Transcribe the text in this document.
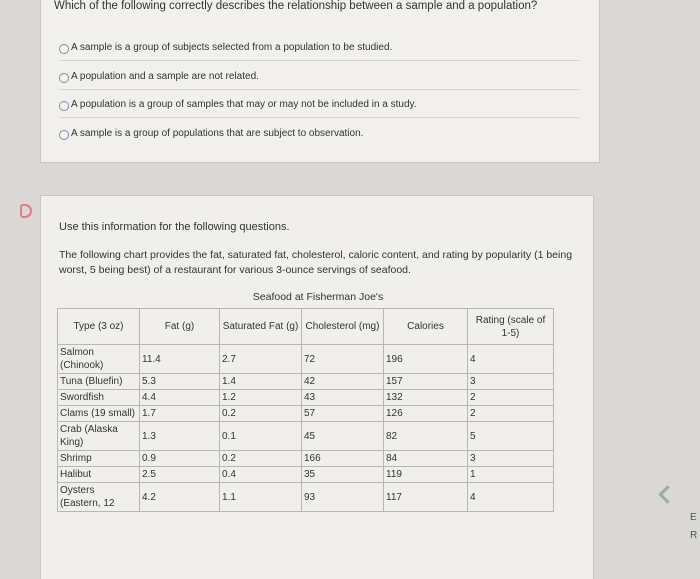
Which of the following correctly describes the relationship between a sample and a population?
A sample is a group of subjects selected from a population to be studied.
A population and a sample are not related.
A population is a group of samples that may or may not be included in a study.
A sample is a group of populations that are subject to observation.
Use this information for the following questions.
The following chart provides the fat, saturated fat, cholesterol, caloric content, and rating by popularity (1 being worst, 5 being best) of a restaurant for various 3-ounce servings of seafood.
Seafood at Fisherman Joe's
Type (3 oz)	Fat (g)	Saturated Fat (g)	Cholesterol (mg)	Calories	Rating (scale of 1-5)
Salmon (Chinook)	11.4	2.7	72	196	4
Tuna (Bluefin)	5.3	1.4	42	157	3
Swordfish	4.4	1.2	43	132	2
Clams (19 small)	1.7	0.2	57	126	2
Crab (Alaska King)	1.3	0.1	45	82	5
Shrimp	0.9	0.2	166	84	3
Halibut	2.5	0.4	35	119	1
Oysters (Eastern, 12	4.2	1.1	93	117	4
E
R
